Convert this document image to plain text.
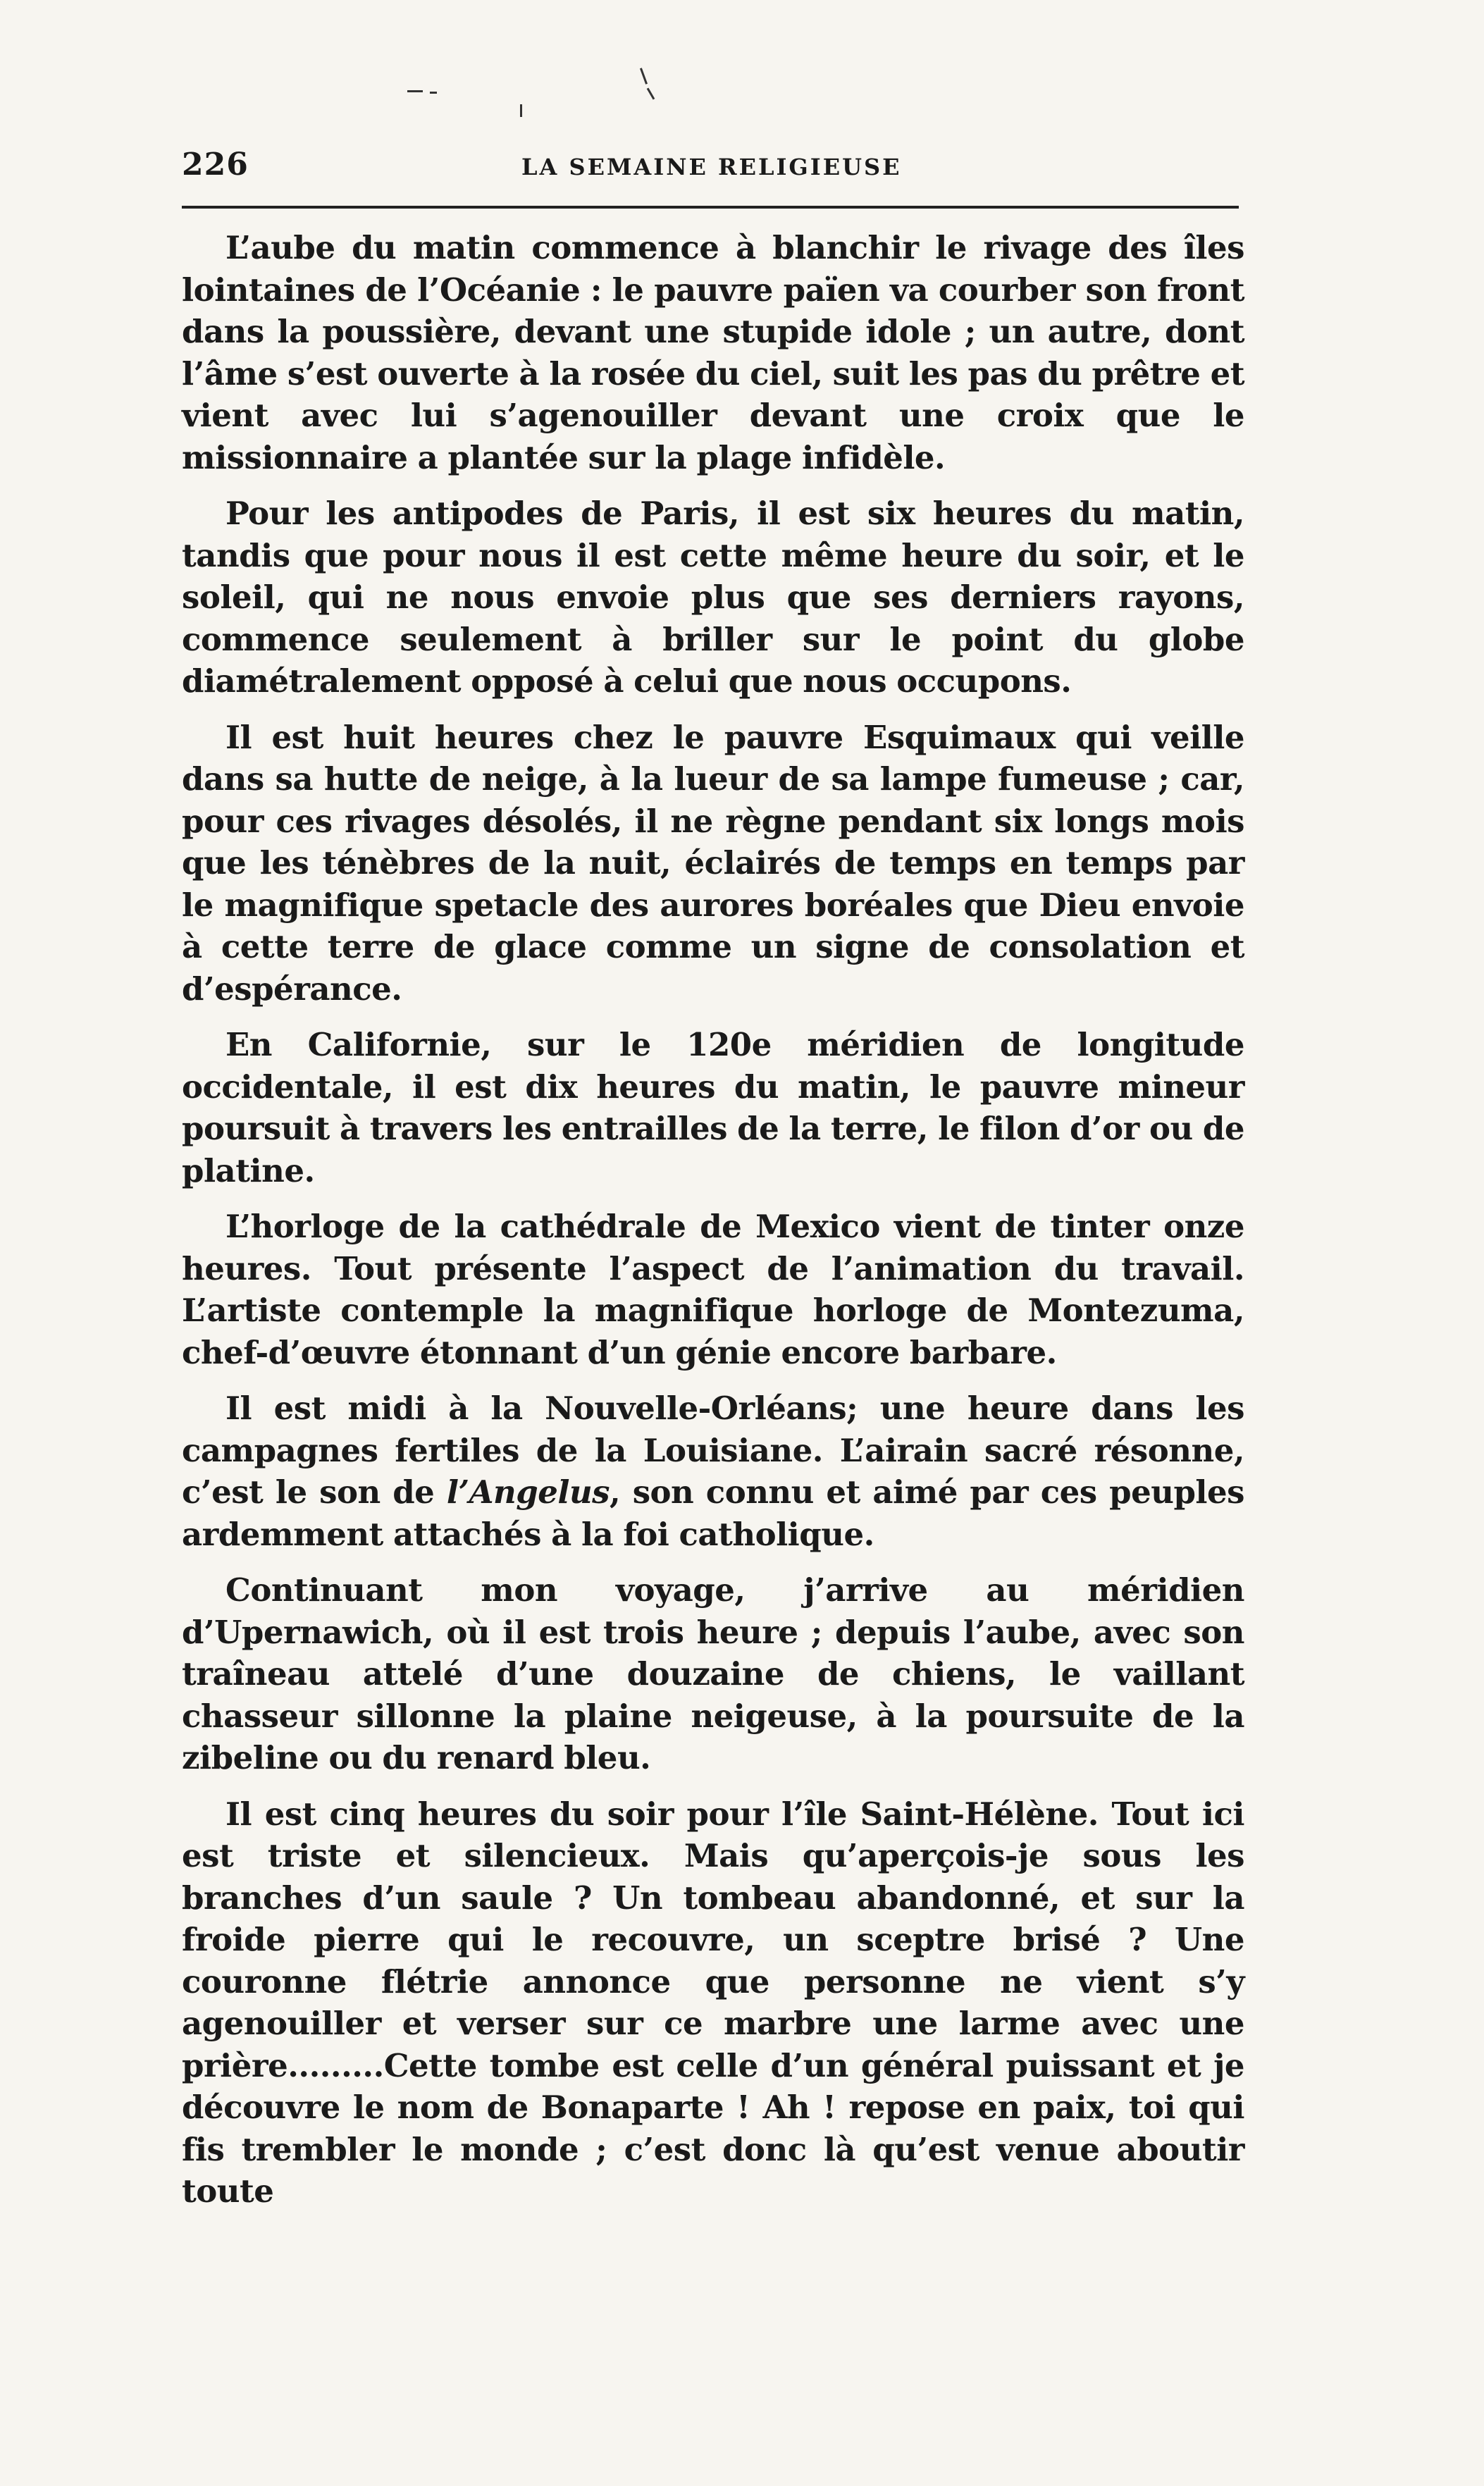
226	LA SEMAINE RELIGIEUSE

L’aube du matin commence à blanchir le rivage des îles lointaines de l’Océanie : le pauvre païen va courber son front dans la poussière, devant une stupide idole ; un autre, dont l’âme s’est ouverte à la rosée du ciel, suit les pas du prêtre et vient avec lui s’agenouiller devant une croix que le missionnaire a plantée sur la plage infidèle.

Pour les antipodes de Paris, il est six heures du matin, tandis que pour nous il est cette même heure du soir, et le soleil, qui ne nous envoie plus que ses derniers rayons, commence seulement à briller sur le point du globe diamétralement opposé à celui que nous occupons.

Il est huit heures chez le pauvre Esquimaux qui veille dans sa hutte de neige, à la lueur de sa lampe fumeuse ; car, pour ces rivages désolés, il ne règne pendant six longs mois que les ténèbres de la nuit, éclairés de temps en temps par le magnifique spetacle des aurores boréales que Dieu envoie à cette terre de glace comme un signe de consolation et d’espérance.

En Californie, sur le 120e méridien de longitude occidentale, il est dix heures du matin, le pauvre mineur poursuit à travers les entrailles de la terre, le filon d’or ou de platine.

L’horloge de la cathédrale de Mexico vient de tinter onze heures. Tout présente l’aspect de l’animation du travail. L’artiste contemple la magnifique horloge de Montezuma, chef-d’œuvre étonnant d’un génie encore barbare.

Il est midi à la Nouvelle-Orléans; une heure dans les campagnes fertiles de la Louisiane. L’airain sacré résonne, c’est le son de l’Angelus, son connu et aimé par ces peuples ardemment attachés à la foi catholique.

Continuant mon voyage, j’arrive au méridien d’Upernawich, où il est trois heure ; depuis l’aube, avec son traîneau attelé d’une douzaine de chiens, le vaillant chasseur sillonne la plaine neigeuse, à la poursuite de la zibeline ou du renard bleu.

Il est cinq heures du soir pour l’île Saint-Hélène. Tout ici est triste et silencieux. Mais qu’aperçois-je sous les branches d’un saule ? Un tombeau abandonné, et sur la froide pierre qui le recouvre, un sceptre brisé ? Une couronne flétrie annonce que personne ne vient s’y agenouiller et verser sur ce marbre une larme avec une prière.........Cette tombe est celle d’un général puissant et je découvre le nom de Bonaparte ! Ah ! repose en paix, toi qui fis trembler le monde ; c’est donc là qu’est venue aboutir toute
